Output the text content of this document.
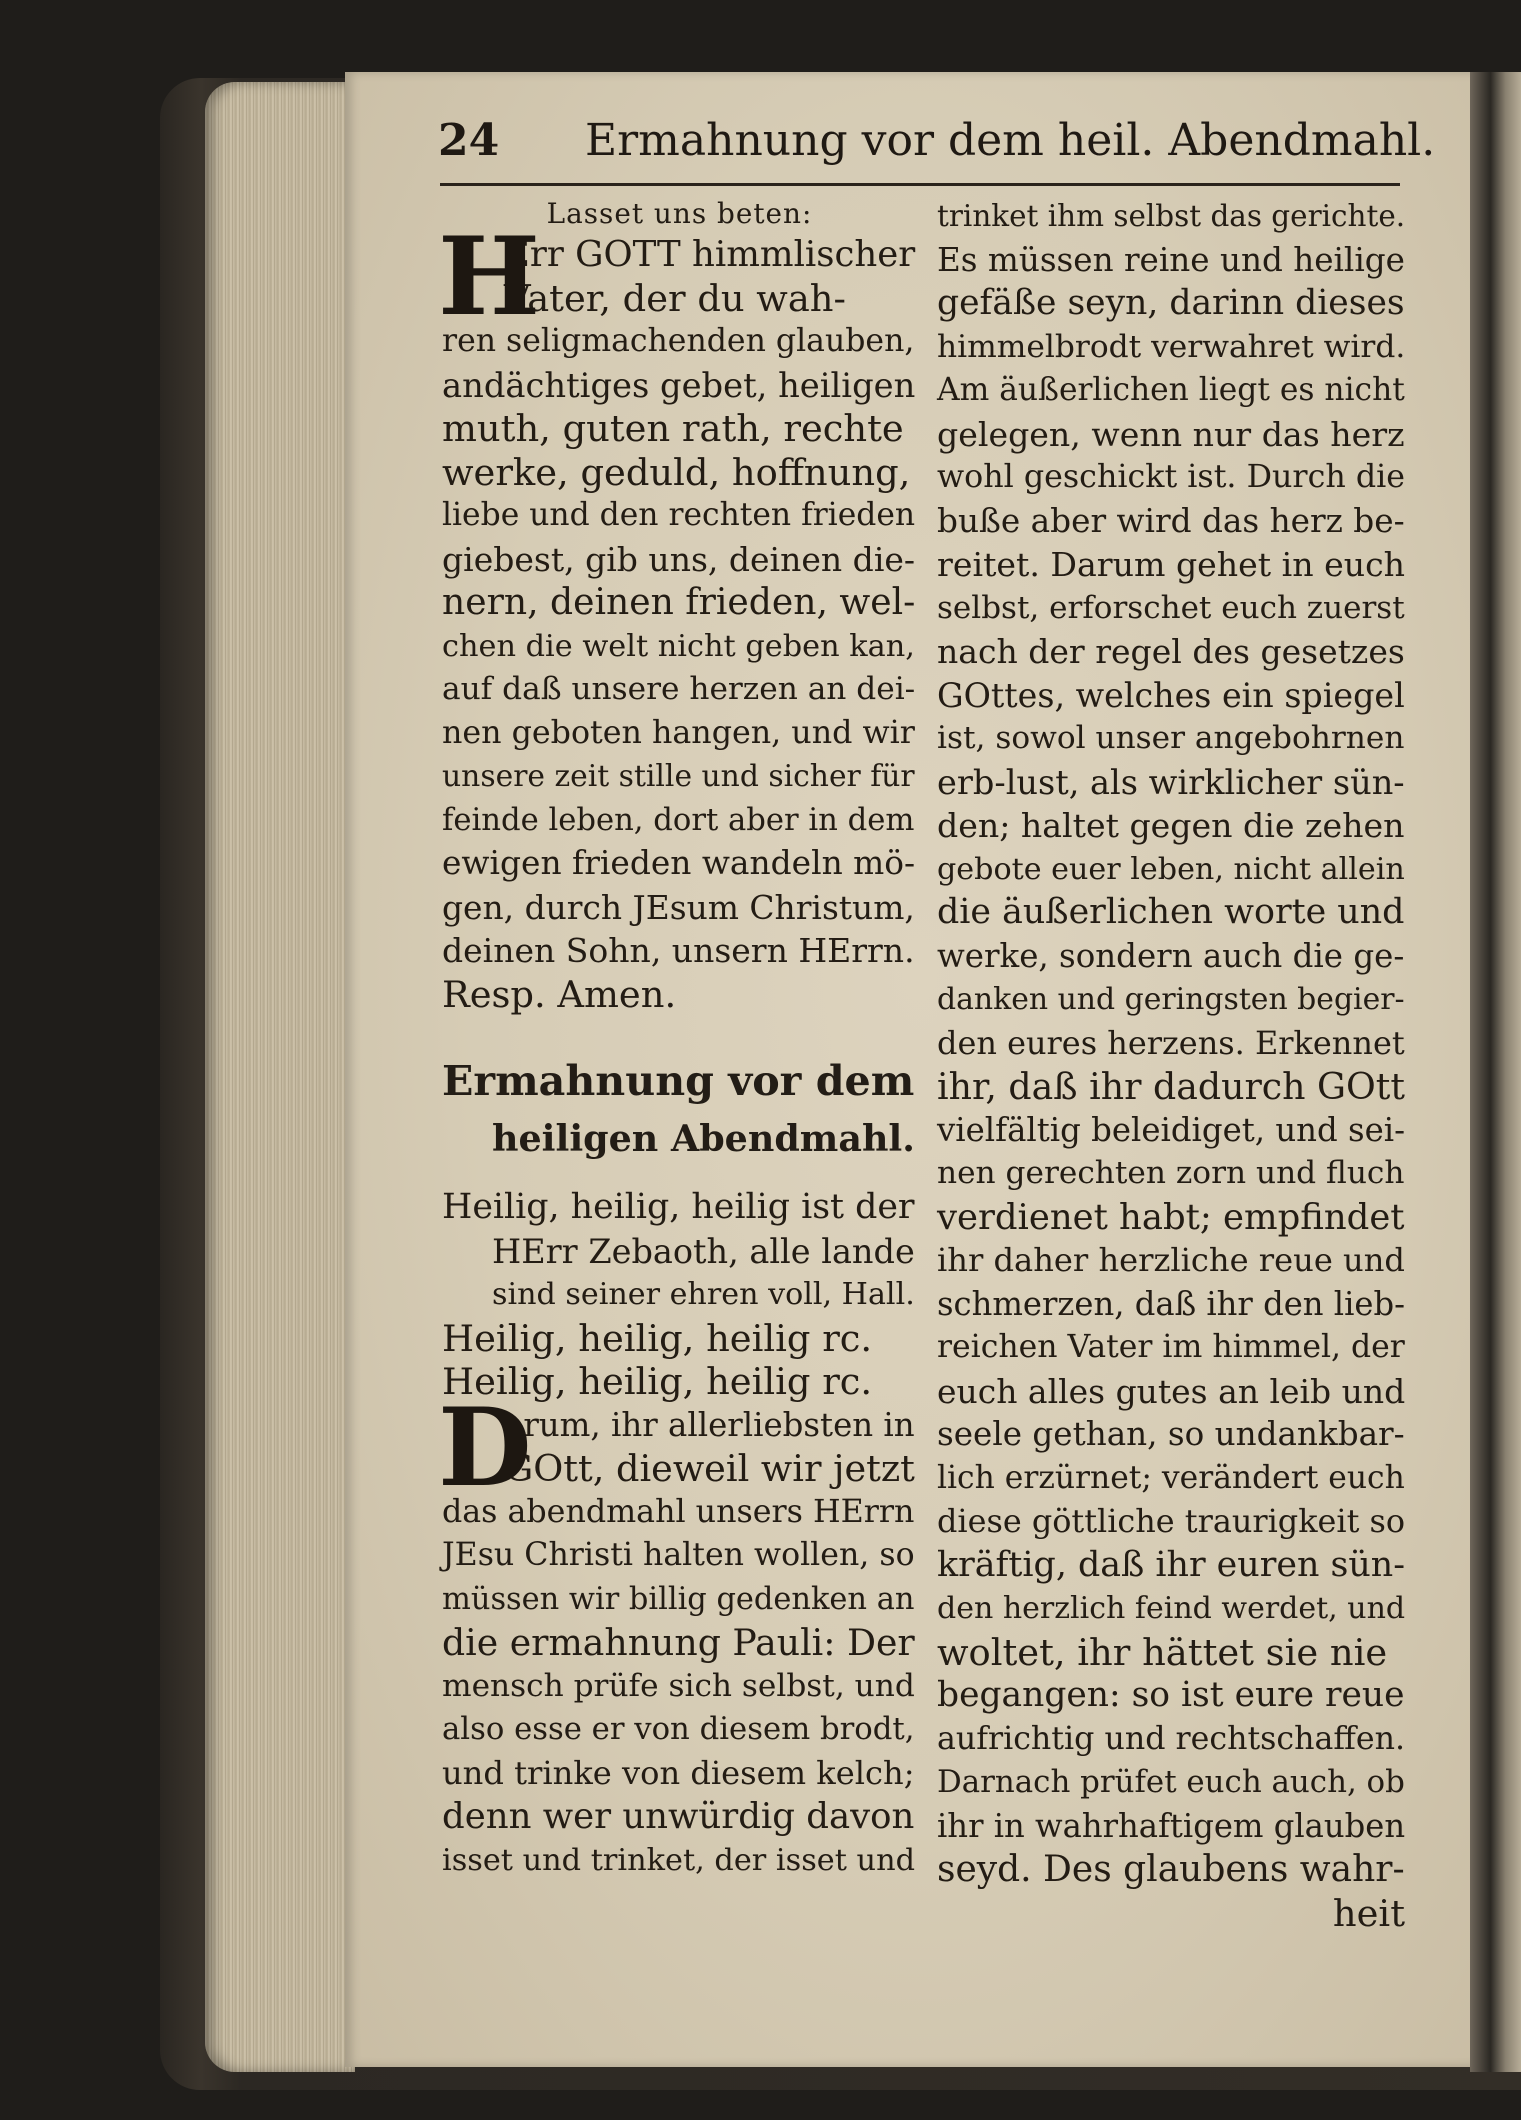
24 Ermahnung vor dem heil. Abendmahl.
Lasset uns beten:
H
Err GOTT himmlischer
Vater, der du wah-
ren seligmachenden glauben,
andächtiges gebet, heiligen
muth, guten rath, rechte
werke, geduld, hoffnung,
liebe und den rechten frieden
giebest, gib uns, deinen die-
nern, deinen frieden, wel-
chen die welt nicht geben kan,
auf daß unsere herzen an dei-
nen geboten hangen, und wir
unsere zeit stille und sicher für
feinde leben, dort aber in dem
ewigen frieden wandeln mö-
gen, durch JEsum Christum,
deinen Sohn, unsern HErrn.
Resp. Amen.
Ermahnung vor dem
heiligen Abendmahl.
Heilig, heilig, heilig ist der
HErr Zebaoth, alle lande
sind seiner ehren voll, Hall.
Heilig, heilig, heilig rc.
Heilig, heilig, heilig rc.
D
arum, ihr allerliebsten in
GOtt, dieweil wir jetzt
das abendmahl unsers HErrn
JEsu Christi halten wollen, so
müssen wir billig gedenken an
die ermahnung Pauli: Der
mensch prüfe sich selbst, und
also esse er von diesem brodt,
und trinke von diesem kelch;
denn wer unwürdig davon
isset und trinket, der isset und
trinket ihm selbst das gerichte.
Es müssen reine und heilige
gefäße seyn, darinn dieses
himmelbrodt verwahret wird.
Am äußerlichen liegt es nicht
gelegen, wenn nur das herz
wohl geschickt ist. Durch die
buße aber wird das herz be-
reitet. Darum gehet in euch
selbst, erforschet euch zuerst
nach der regel des gesetzes
GOttes, welches ein spiegel
ist, sowol unser angebohrnen
erb-lust, als wirklicher sün-
den; haltet gegen die zehen
gebote euer leben, nicht allein
die äußerlichen worte und
werke, sondern auch die ge-
danken und geringsten begier-
den eures herzens. Erkennet
ihr, daß ihr dadurch GOtt
vielfältig beleidiget, und sei-
nen gerechten zorn und fluch
verdienet habt; empfindet
ihr daher herzliche reue und
schmerzen, daß ihr den lieb-
reichen Vater im himmel, der
euch alles gutes an leib und
seele gethan, so undankbar-
lich erzürnet; verändert euch
diese göttliche traurigkeit so
kräftig, daß ihr euren sün-
den herzlich feind werdet, und
woltet, ihr hättet sie nie
begangen: so ist eure reue
aufrichtig und rechtschaffen.
Darnach prüfet euch auch, ob
ihr in wahrhaftigem glauben
seyd. Des glaubens wahr-
heit
